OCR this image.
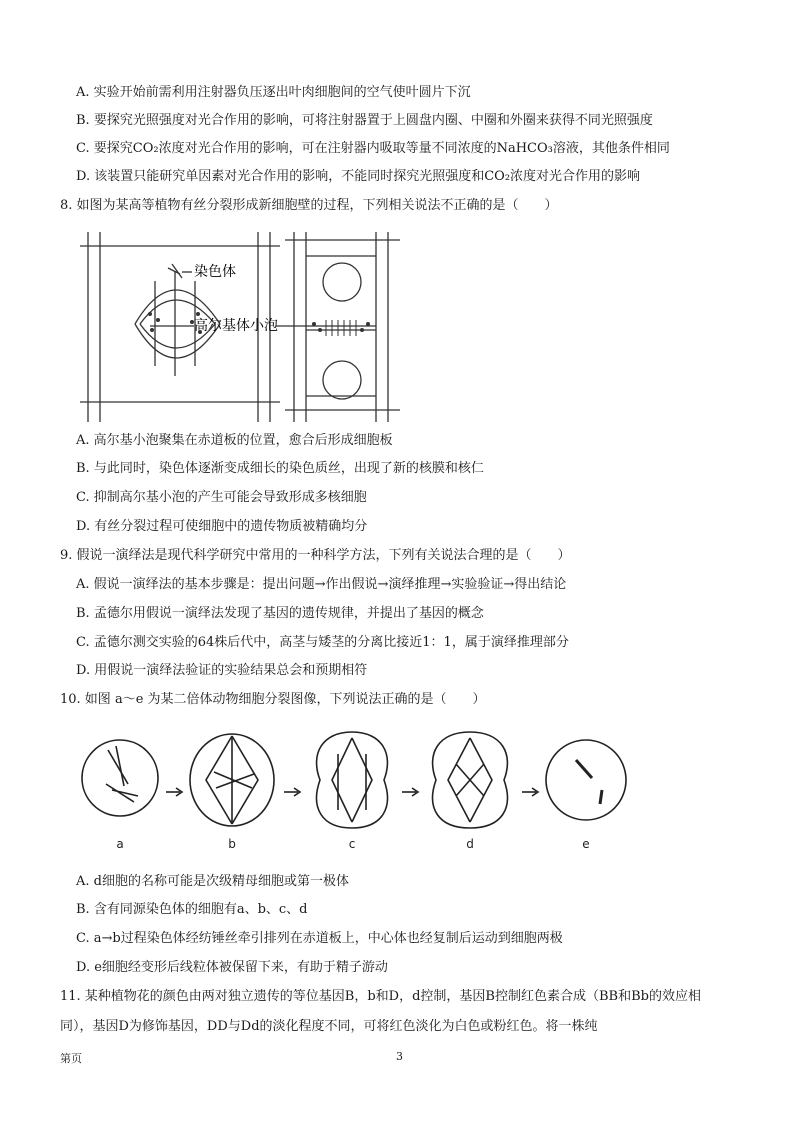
A. 实验开始前需利用注射器负压逐出叶肉细胞间的空气使叶圆片下沉
B. 要探究光照强度对光合作用的影响，可将注射器置于上圆盘内圈、中圈和外圈来获得不同光照强度
C. 要探究CO₂浓度对光合作用的影响，可在注射器内吸取等量不同浓度的NaHCO₃溶液，其他条件相同
D. 该装置只能研究单因素对光合作用的影响，不能同时探究光照强度和CO₂浓度对光合作用的影响
8. 如图为某高等植物有丝分裂形成新细胞壁的过程，下列相关说法不正确的是（　　）
染色体
高尔基体小泡
A. 高尔基小泡聚集在赤道板的位置，愈合后形成细胞板
B. 与此同时，染色体逐渐变成细长的染色质丝，出现了新的核膜和核仁
C. 抑制高尔基小泡的产生可能会导致形成多核细胞
D. 有丝分裂过程可使细胞中的遗传物质被精确均分
9. 假说一演绎法是现代科学研究中常用的一种科学方法，下列有关说法合理的是（　　）
A. 假说一演绎法的基本步骤是：提出问题→作出假说→演绎推理→实验验证→得出结论
B. 孟德尔用假说一演绎法发现了基因的遗传规律，并提出了基因的概念
C. 孟德尔测交实验的64株后代中，高茎与矮茎的分离比接近1：1，属于演绎推理部分
D. 用假说一演绎法验证的实验结果总会和预期相符
10. 如图 a～e 为某二倍体动物细胞分裂图像，下列说法正确的是（　　）
a	b	c	d	e
A. d细胞的名称可能是次级精母细胞或第一极体
B. 含有同源染色体的细胞有a、b、c、d
C. a→b过程染色体经纺锤丝牵引排列在赤道板上，中心体也经复制后运动到细胞两极
D. e细胞经变形后线粒体被保留下来，有助于精子游动
11. 某种植物花的颜色由两对独立遗传的等位基因B，b和D，d控制，基因B控制红色素合成（BB和Bb的效应相同），基因D为修饰基因，DD与Dd的淡化程度不同，可将红色淡化为白色或粉红色。将一株纯
第页	3
